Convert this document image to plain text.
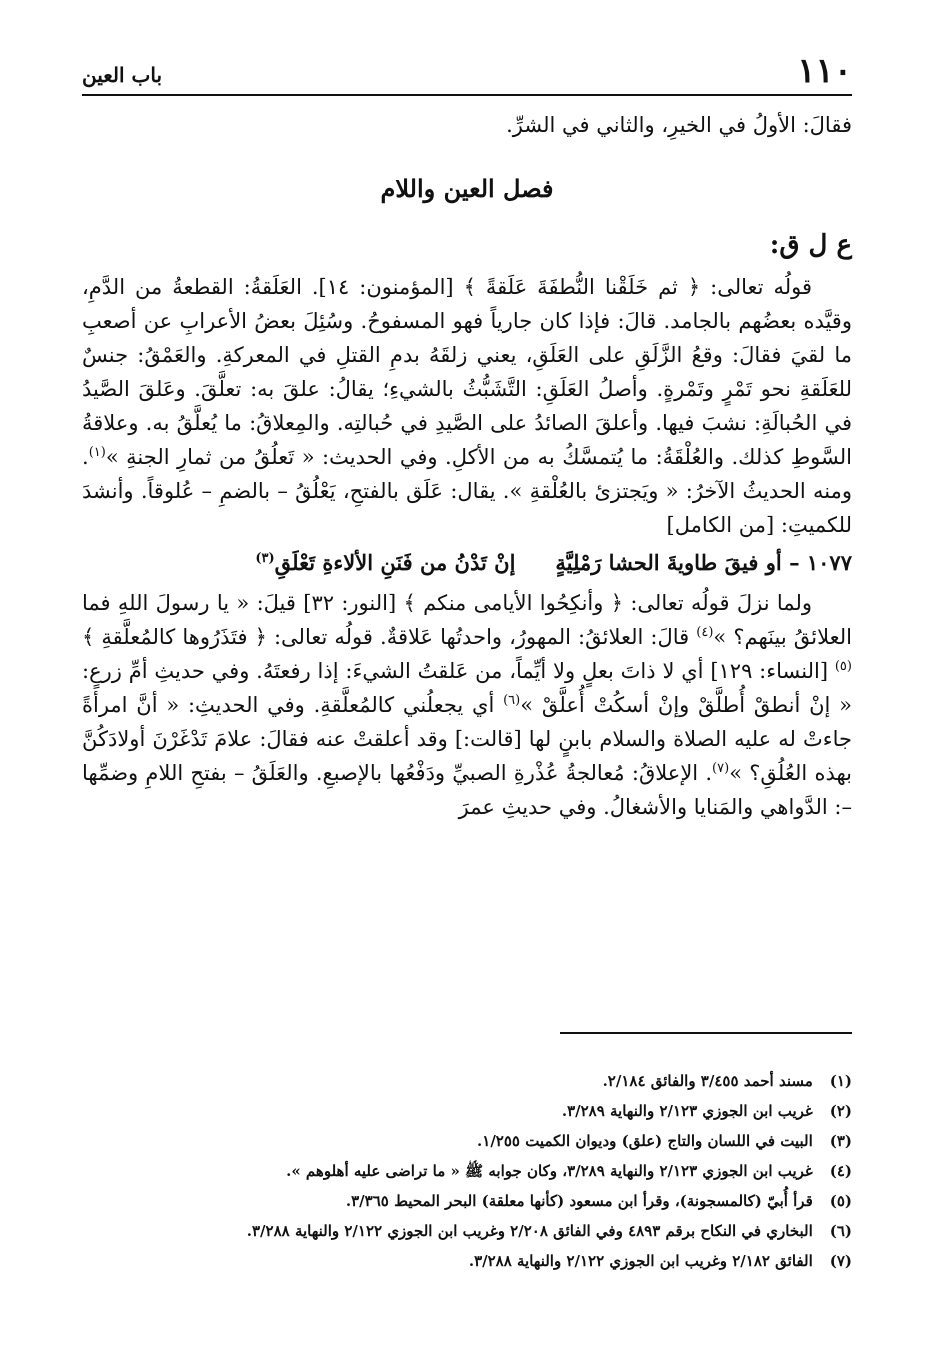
١١٠
باب العين

فقالَ: الأولُ في الخيرِ، والثاني في الشرِّ.

فصل العين واللام

ع ل ق:

قولُه تعالى: ﴿ ثم خَلَقْنا النُّطفَةَ عَلَقةً ﴾ [المؤمنون: ١٤]. العَلَقةُ: القطعةُ من الدَّمِ، وقيَّده بعضُهم بالجامد. قالَ: فإذا كان جارياً فهو المسفوحُ. وسُئِلَ بعضُ الأعرابِ عن أصعبِ ما لقيَ فقالَ: وقعُ الزَّلَقِ على العَلَقِ، يعني زلقَهُ بدمِ القتلِ في المعركةِ. والعَمْقُ: جنسٌ للعَلَقةِ نحو تَمْرٍ وتَمْرةٍ. وأصلُ العَلَقِ: التَّشَبُّثُ بالشيءِ؛ يقالُ: علقَ به: تعلَّقَ. وعَلقَ الصَّيدُ في الحُبالَةِ: نشبَ فيها. وأعلقَ الصائدُ على الصَّيدِ في حُبالتِه. والمِعلاقُ: ما يُعلَّقُ به. وعلاقةُ السَّوطِ كذلك. والعُلْقَةُ: ما يُتمسَّكُ به من الأكلِ. وفي الحديث: « تَعلُقُ من ثمارِ الجنةِ »$^{(١)}$. ومنه الحديثُ الآخرُ: « ويَجتزئ بالعُلْقةِ ». يقال: عَلَق بالفتحِ، يَعْلُقُ – بالضمِ – عُلوقاً. وأنشدَ للكميتِ: [من الكامل]

١٠٧٧ – أو فيقَ طاويةَ الحشا رَمْلِيَّةٍ
إنْ تَدْنُ من فَنَنِ الألاءةِ تَعْلَقِ$^{(٣)}$

ولما نزلَ قولُه تعالى: ﴿ وأنكِحُوا الأيامى منكم ﴾ [النور: ٣٢] قيلَ: « يا رسولَ اللهِ فما العلائقُ بينَهم؟ »$^{(٤)}$ قالَ: العلائقُ: المهورُ، واحدتُها عَلاقةٌ. قولُه تعالى: ﴿ فتَذَرُوها كالمُعلَّقةِ ﴾$^{(٥)}$ [النساء: ١٢٩] أي لا ذاتَ بعلٍ ولا أيِّماً، من عَلقتُ الشيءَ: إذا رفعتَهُ. وفي حديثِ أمِّ زرعٍ: « إنْ أنطقْ أُطلَّقْ وإنْ أسكُتْ أُعلَّقْ »$^{(٦)}$ أي يجعلُني كالمُعلَّقةِ. وفي الحديثِ: « أنَّ امرأةً جاءتْ له عليه الصلاة والسلام بابنٍ لها [قالت:] وقد أعلقتْ عنه فقالَ: علامَ تَدْغَرْنَ أولادَكُنَّ بهذه العُلُقِ؟ »$^{(٧)}$. الإعلاقُ: مُعالجةُ عُذْرةِ الصبيِّ ودَفْعُها بالإصبعِ. والعَلَقُ – بفتحِ اللامِ وضمِّها –: الدَّواهي والمَنايا والأشغالُ. وفي حديثِ عمرَ

(١) مسند أحمد ٣/٤٥٥ والفائق ٢/١٨٤.
(٢) غريب ابن الجوزي ٢/١٢٣ والنهاية ٣/٢٨٩.
(٣) البيت في اللسان والتاج (علق) وديوان الكميت ١/٢٥٥.
(٤) غريب ابن الجوزي ٢/١٢٣ والنهاية ٣/٢٨٩، وكان جوابه ﷺ « ما تراضى عليه أهلوهم ».
(٥) قرأ أُبيّ (كالمسجونة)، وقرأ ابن مسعود (كأنها معلقة) البحر المحيط ٣/٣٦٥.
(٦) البخاري في النكاح برقم ٤٨٩٣ وفي الفائق ٢/٢٠٨ وغريب ابن الجوزي ٢/١٢٢ والنهاية ٣/٢٨٨.
(٧) الفائق ٢/١٨٢ وغريب ابن الجوزي ٢/١٢٢ والنهاية ٣/٢٨٨.
